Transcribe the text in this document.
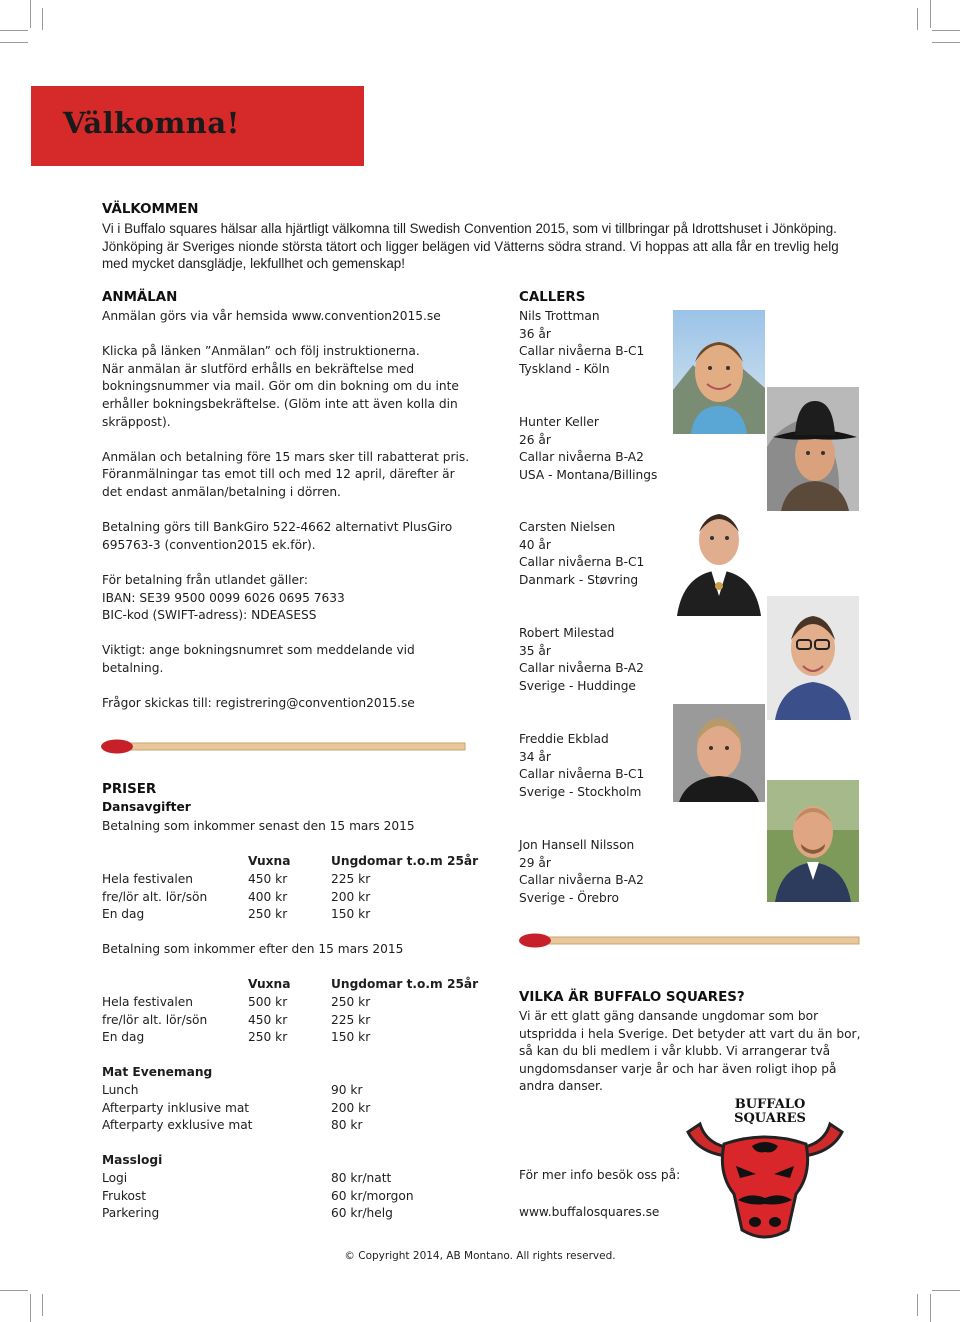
Välkomna!
VÄLKOMMEN
Vi i Buffalo squares hälsar alla hjärtligt välkomna till Swedish Convention 2015, som vi tillbringar på Idrottshuset i Jönköping.
Jönköping är Sveriges nionde största tätort och ligger belägen vid Vätterns södra strand. Vi hoppas att alla får en trevlig helg
med mycket dansglädje, lekfullhet och gemenskap!
ANMÄLAN
Anmälan görs via vår hemsida www.convention2015.se

Klicka på länken ”Anmälan” och följ instruktionerna.
När anmälan är slutförd erhålls en bekräftelse med
bokningsnummer via mail. Gör om din bokning om du inte
erhåller bokningsbekräftelse. (Glöm inte att även kolla din
skräppost).

Anmälan och betalning före 15 mars sker till rabatterat pris.
Föranmälningar tas emot till och med 12 april, därefter är
det endast anmälan/betalning i dörren.

Betalning görs till BankGiro 522-4662 alternativt PlusGiro
695763-3 (convention2015 ek.för).

För betalning från utlandet gäller:
IBAN: SE39 9500 0099 6026 0695 7633
BIC-kod (SWIFT-adress): NDEASESS

Viktigt: ange bokningsnumret som meddelande vid
betalning.

Frågor skickas till: registrering@convention2015.se
CALLERS
Nils Trottman
36 år
Callar nivåerna B-C1
Tyskland - Köln
Hunter Keller
26 år
Callar nivåerna B-A2
USA - Montana/Billings
Carsten Nielsen
40 år
Callar nivåerna B-C1
Danmark - Støvring
Robert Milestad
35 år
Callar nivåerna B-A2
Sverige - Huddinge
Freddie Ekblad
34 år
Callar nivåerna B-C1
Sverige - Stockholm
Jon Hansell Nilsson
29 år
Callar nivåerna B-A2
Sverige - Örebro
PRISER
Dansavgifter
Betalning som inkommer senast den 15 mars 2015
Vuxna	Ungdomar t.o.m 25år
Hela festivalen
fre/lör alt. lör/sön
En dag
450 kr
400 kr
250 kr
225 kr
200 kr
150 kr
Betalning som inkommer efter den 15 mars 2015
Vuxna	Ungdomar t.o.m 25år
Hela festivalen
fre/lör alt. lör/sön
En dag
500 kr
450 kr
250 kr
250 kr
225 kr
150 kr
Mat Evenemang
Lunch
Afterparty inklusive mat
Afterparty exklusive mat
90 kr
200 kr
80 kr
Masslogi
Logi
Frukost
Parkering
80 kr/natt
60 kr/morgon
60 kr/helg
VILKA ÄR BUFFALO SQUARES?
Vi är ett glatt gäng dansande ungdomar som bor
utspridda i hela Sverige. Det betyder att vart du än bor,
så kan du bli medlem i vår klubb. Vi arrangerar två
ungdomsdanser varje år och har även roligt ihop på
andra danser.
För mer info besök oss på:
www.buffalosquares.se
BUFFALO
SQUARES
© Copyright 2014, AB Montano. All rights reserved.
